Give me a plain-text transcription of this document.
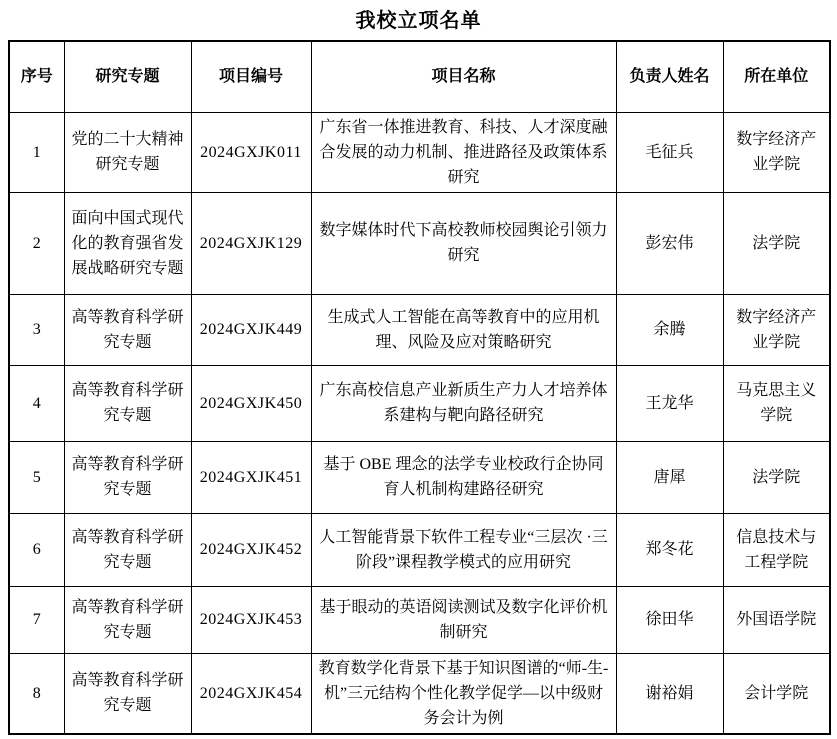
我校立项名单
序号	研究专题	项目编号	项目名称	负责人姓名	所在单位
1	党的二十大精神研究专题	2024GXJK011	广东省一体推进教育、科技、人才深度融合发展的动力机制、推进路径及政策体系研究	毛征兵	数字经济产业学院
2	面向中国式现代化的教育强省发展战略研究专题	2024GXJK129	数字媒体时代下高校教师校园舆论引领力研究	彭宏伟	法学院
3	高等教育科学研究专题	2024GXJK449	生成式人工智能在高等教育中的应用机理、风险及应对策略研究	余腾	数字经济产业学院
4	高等教育科学研究专题	2024GXJK450	广东高校信息产业新质生产力人才培养体系建构与靶向路径研究	王龙华	马克思主义学院
5	高等教育科学研究专题	2024GXJK451	基于 OBE 理念的法学专业校政行企协同育人机制构建路径研究	唐犀	法学院
6	高等教育科学研究专题	2024GXJK452	人工智能背景下软件工程专业“三层次 ·三阶段”课程教学模式的应用研究	郑冬花	信息技术与工程学院
7	高等教育科学研究专题	2024GXJK453	基于眼动的英语阅读测试及数字化评价机制研究	徐田华	外国语学院
8	高等教育科学研究专题	2024GXJK454	教育数学化背景下基于知识图谱的“师-生-机”三元结构个性化教学促学—以中级财务会计为例	谢裕娟	会计学院
